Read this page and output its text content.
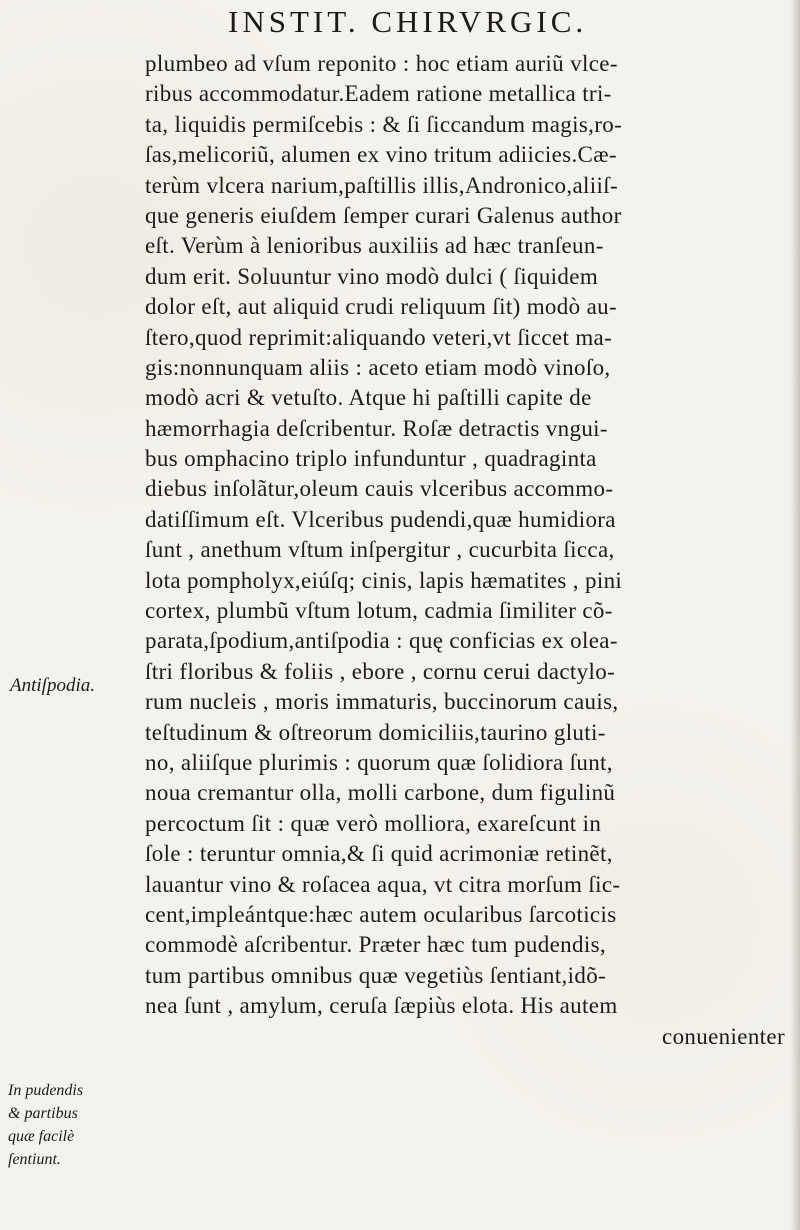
INSTIT. CHIRVRGIC.
Antiſpodia.
In pudendis
& partibus
quæ facilè
ſentiunt.
plumbeo ad vſum reponito : hoc etiam auriũ vlce-
ribus accommodatur.Eadem ratione metallica tri-
ta, liquidis permiſcebis : & ſi ſiccandum magis,ro-
ſas,melicoriũ, alumen ex vino tritum adiicies.Cæ-
terùm vlcera narium,paſtillis illis,Andronico,aliiſ-
que generis eiuſdem ſemper curari Galenus author
eſt. Verùm à lenioribus auxiliis ad hæc tranſeun-
dum erit. Soluuntur vino modò dulci ( ſiquidem
dolor eſt, aut aliquid crudi reliquum ſit) modò au-
ſtero,quod reprimit:aliquando veteri,vt ſiccet ma-
gis:nonnunquam aliis : aceto etiam modò vinoſo,
modò acri & vetuſto. Atque hi paſtilli capite de
hæmorrhagia deſcribentur. Roſæ detractis vngui-
bus omphacino triplo infunduntur , quadraginta
diebus inſolãtur,oleum cauis vlceribus accommo-
datiſſimum eſt. Vlceribus pudendi,quæ humidiora
ſunt , anethum vſtum inſpergitur , cucurbita ſicca,
lota pompholyx,eiúſq; cinis, lapis hæmatites , pini
cortex, plumbũ vſtum lotum, cadmia ſimiliter cõ-
parata,ſpodium,antiſpodia : quę conficias ex olea-
ſtri floribus & foliis , ebore , cornu cerui dactylo-
rum nucleis , moris immaturis, buccinorum cauis,
teſtudinum & oſtreorum domiciliis,taurino gluti-
no, aliiſque plurimis : quorum quæ ſolidiora ſunt,
noua cremantur olla, molli carbone, dum figulinũ
percoctum ſit : quæ verò molliora, exareſcunt in
ſole : teruntur omnia,& ſi quid acrimoniæ retinẽt,
lauantur vino & roſacea aqua, vt citra morſum ſic-
cent,impleántque:hæc autem ocularibus ſarcoticis
commodè aſcribentur. Præter hæc tum pudendis,
tum partibus omnibus quæ vegetiùs ſentiant,idõ-
nea ſunt , amylum, ceruſa ſæpiùs elota. His autem
conuenienter
